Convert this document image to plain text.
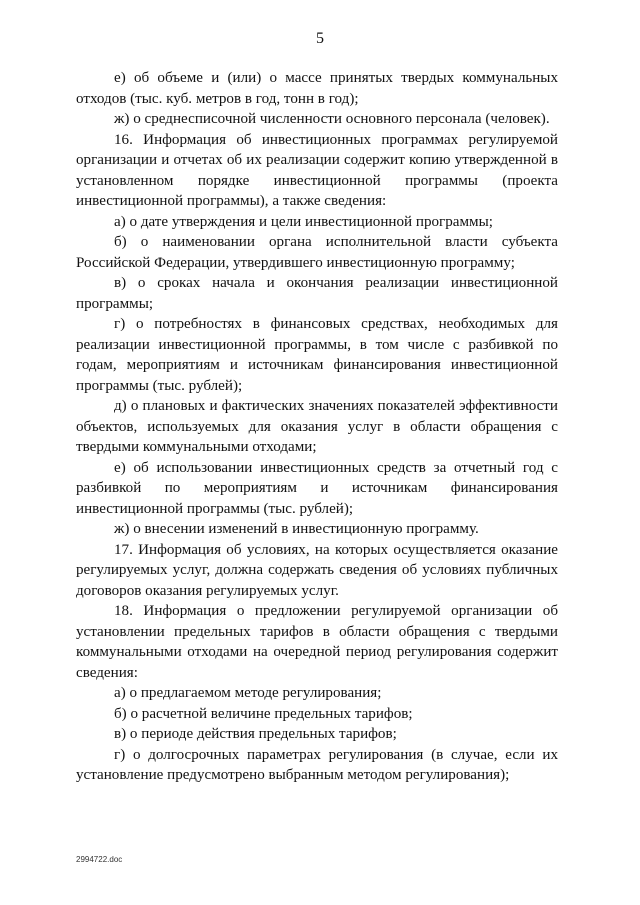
5

е) об объеме и (или) о массе принятых твердых коммунальных отходов (тыс. куб. метров в год, тонн в год);

ж) о среднесписочной численности основного персонала (человек).

16. Информация об инвестиционных программах регулируемой организации и отчетах об их реализации содержит копию утвержденной в установленном порядке инвестиционной программы (проекта инвестиционной программы), а также сведения:

а) о дате утверждения и цели инвестиционной программы;

б) о наименовании органа исполнительной власти субъекта Российской Федерации, утвердившего инвестиционную программу;

в) о сроках начала и окончания реализации инвестиционной программы;

г) о потребностях в финансовых средствах, необходимых для реализации инвестиционной программы, в том числе с разбивкой по годам, мероприятиям и источникам финансирования инвестиционной программы (тыс. рублей);

д) о плановых и фактических значениях показателей эффективности объектов, используемых для оказания услуг в области обращения с твердыми коммунальными отходами;

е) об использовании инвестиционных средств за отчетный год с разбивкой по мероприятиям и источникам финансирования инвестиционной программы (тыс. рублей);

ж) о внесении изменений в инвестиционную программу.

17. Информация об условиях, на которых осуществляется оказание регулируемых услуг, должна содержать сведения об условиях публичных договоров оказания регулируемых услуг.

18. Информация о предложении регулируемой организации об установлении предельных тарифов в области обращения с твердыми коммунальными отходами на очередной период регулирования содержит сведения:

а) о предлагаемом методе регулирования;

б) о расчетной величине предельных тарифов;

в) о периоде действия предельных тарифов;

г) о долгосрочных параметрах регулирования (в случае, если их установление предусмотрено выбранным методом регулирования);

2994722.doc
